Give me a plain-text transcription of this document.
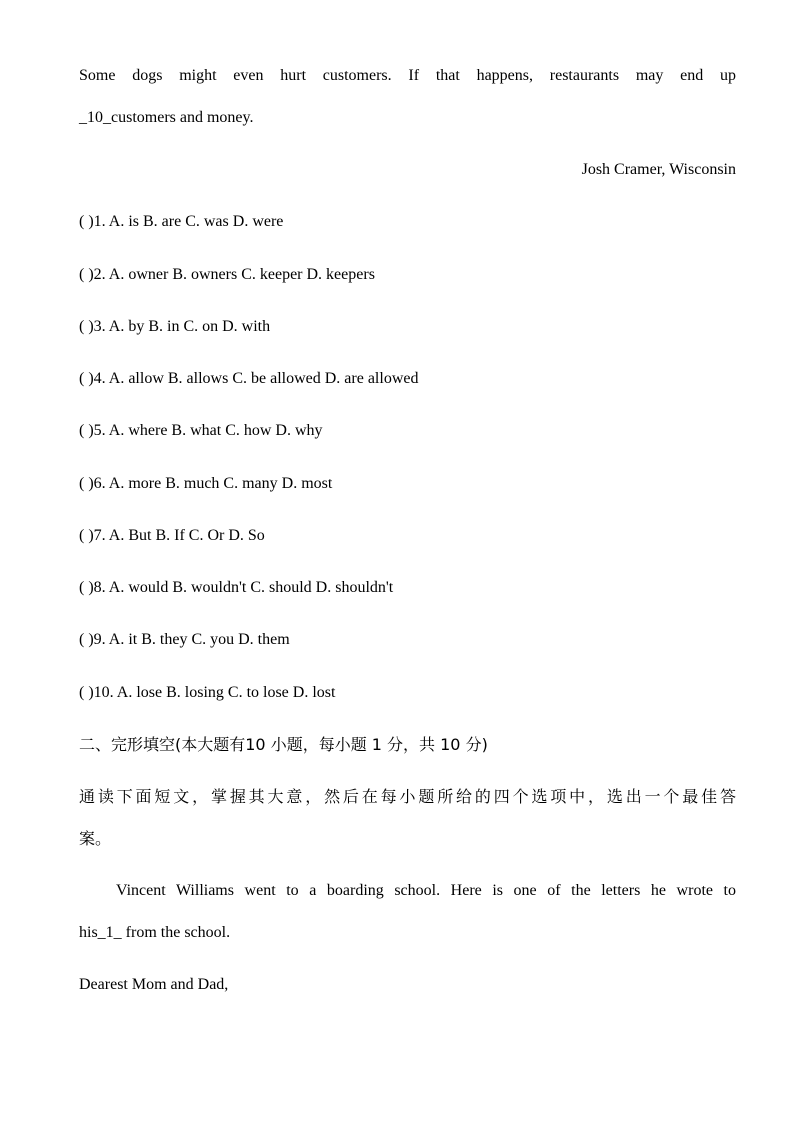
Some dogs might even hurt customers. If that happens, restaurants may end up
_10_customers and money.
Josh Cramer, Wisconsin
( )1. A. is B. are C. was D. were
( )2. A. owner B. owners C. keeper D. keepers
( )3. A. by B. in C. on D. with
( )4. A. allow B. allows C. be allowed D. are allowed
( )5. A. where B. what C. how D. why
( )6. A. more B. much C. many D. most
( )7. A. But B. If C. Or D. So
( )8. A. would B. wouldn't C. should D. shouldn't
( )9. A. it B. they C. you D. them
( )10. A. lose B. losing C. to lose D. lost
二、完形填空(本大题有10 小题，每小题 1 分，共 10 分)
通读下面短文，掌握其大意，然后在每小题所给的四个选项中，选出一个最佳答
案。
Vincent Williams went to a boarding school. Here is one of the letters he wrote to
his_1_ from the school.
Dearest Mom and Dad,
